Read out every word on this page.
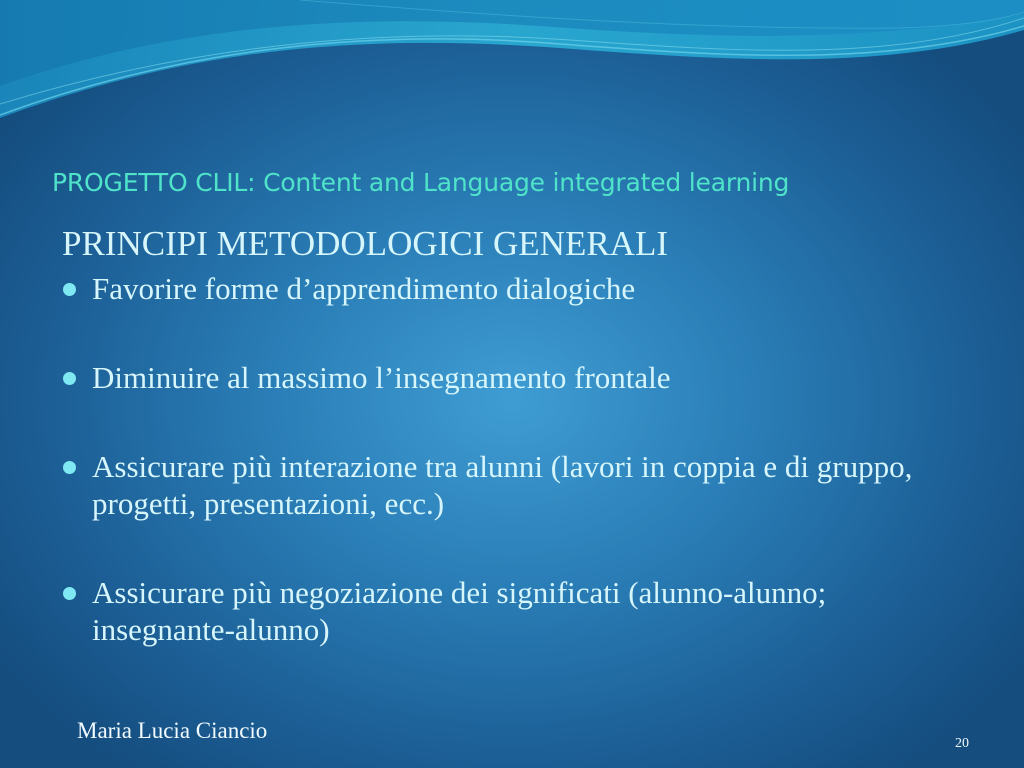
PROGETTO CLIL: Content and Language integrated learning
PRINCIPI METODOLOGICI GENERALI
Favorire forme d’apprendimento dialogiche
Diminuire al massimo l’insegnamento frontale
Assicurare più interazione tra alunni (lavori in coppia e di gruppo, progetti, presentazioni, ecc.)
Assicurare più negoziazione dei significati (alunno-alunno; insegnante-alunno)
Maria Lucia Ciancio
20
